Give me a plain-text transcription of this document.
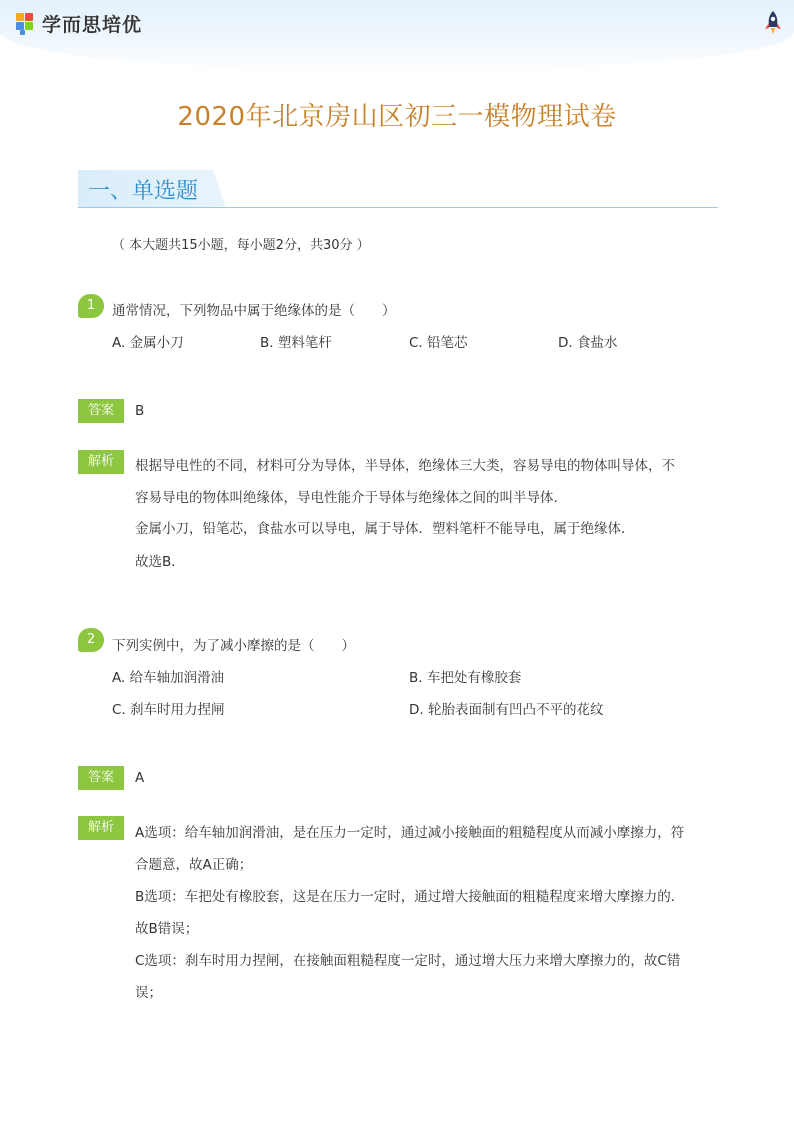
学而思培优
2020年北京房山区初三一模物理试卷
一、单选题
（ 本大题共15小题，每小题2分，共30分 ）
1	通常情况，下列物品中属于绝缘体的是（　　）
A. 金属小刀	B. 塑料笔杆	C. 铅笔芯	D. 食盐水
答案	B
解析	根据导电性的不同，材料可分为导体，半导体，绝缘体三大类，容易导电的物体叫导体，不
容易导电的物体叫绝缘体，导电性能介于导体与绝缘体之间的叫半导体．
金属小刀，铅笔芯，食盐水可以导电，属于导体．塑料笔杆不能导电，属于绝缘体．
故选B．
2	下列实例中，为了减小摩擦的是（　　）
A. 给车轴加润滑油	B. 车把处有橡胶套
C. 刹车时用力捏闸	D. 轮胎表面制有凹凸不平的花纹
答案	A
解析	A选项：给车轴加润滑油，是在压力一定时，通过减小接触面的粗糙程度从而减小摩擦力，符
合题意，故A正确；
B选项：车把处有橡胶套，这是在压力一定时，通过增大接触面的粗糙程度来增大摩擦力的．
故B错误；
C选项：刹车时用力捏闸，在接触面粗糙程度一定时，通过增大压力来增大摩擦力的，故C错
误；
